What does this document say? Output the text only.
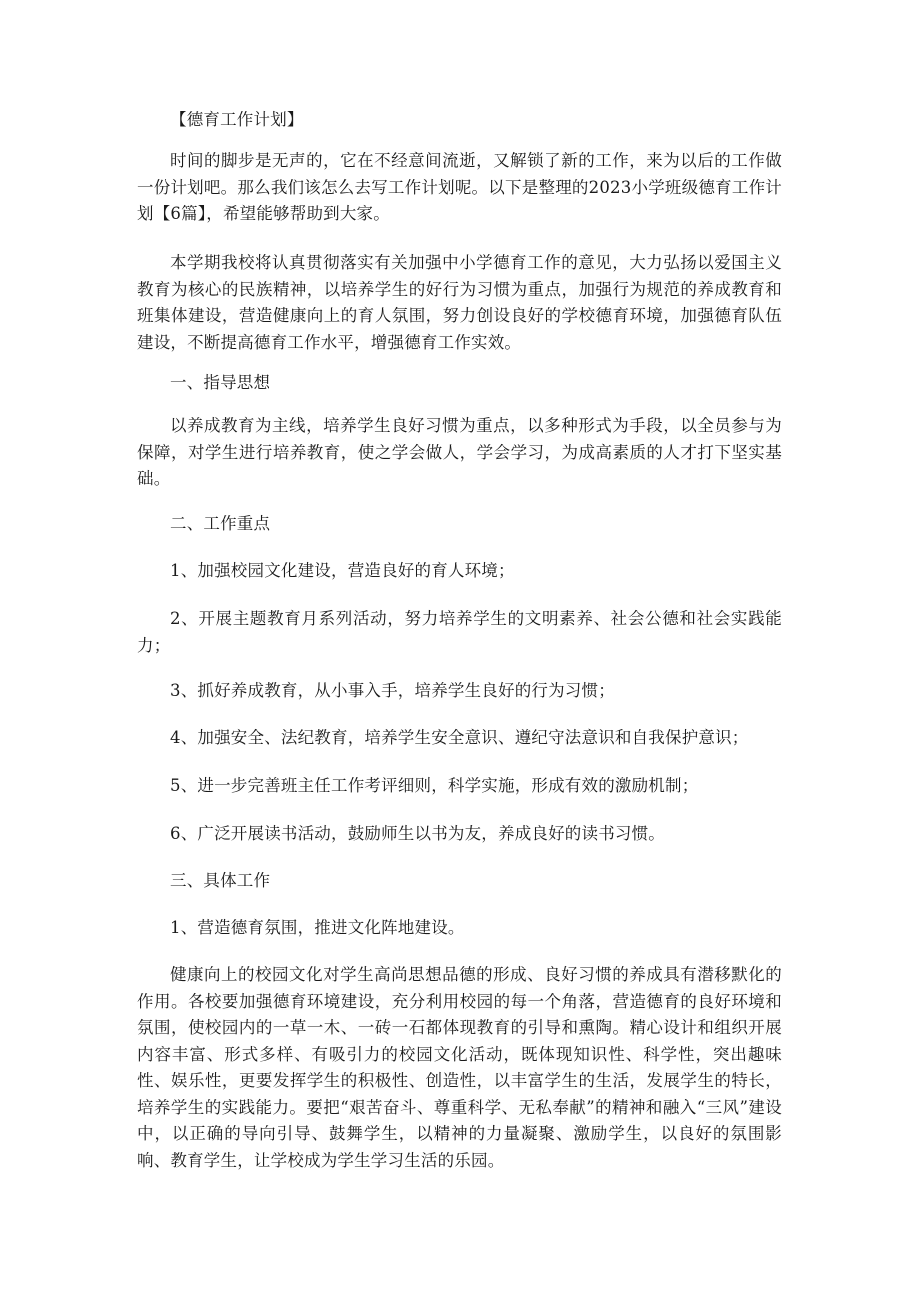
【德育工作计划】

时间的脚步是无声的，它在不经意间流逝，又解锁了新的工作，来为以后的工作做一份计划吧。那么我们该怎么去写工作计划呢。以下是整理的2023小学班级德育工作计划【6篇】，希望能够帮助到大家。

本学期我校将认真贯彻落实有关加强中小学德育工作的意见，大力弘扬以爱国主义教育为核心的民族精神，以培养学生的好行为习惯为重点，加强行为规范的养成教育和班集体建设，营造健康向上的育人氛围，努力创设良好的学校德育环境，加强德育队伍建设，不断提高德育工作水平，增强德育工作实效。

一、指导思想

以养成教育为主线，培养学生良好习惯为重点，以多种形式为手段，以全员参与为保障，对学生进行培养教育，使之学会做人，学会学习，为成高素质的人才打下坚实基础。

二、工作重点

1、加强校园文化建设，营造良好的育人环境；

2、开展主题教育月系列活动，努力培养学生的文明素养、社会公德和社会实践能力；

3、抓好养成教育，从小事入手，培养学生良好的行为习惯；

4、加强安全、法纪教育，培养学生安全意识、遵纪守法意识和自我保护意识；

5、进一步完善班主任工作考评细则，科学实施，形成有效的激励机制；

6、广泛开展读书活动，鼓励师生以书为友，养成良好的读书习惯。

三、具体工作

1、营造德育氛围，推进文化阵地建设。

健康向上的校园文化对学生高尚思想品德的形成、良好习惯的养成具有潜移默化的作用。各校要加强德育环境建设，充分利用校园的每一个角落，营造德育的良好环境和氛围，使校园内的一草一木、一砖一石都体现教育的引导和熏陶。精心设计和组织开展内容丰富、形式多样、有吸引力的校园文化活动，既体现知识性、科学性，突出趣味性、娱乐性，更要发挥学生的积极性、创造性，以丰富学生的生活，发展学生的特长，培养学生的实践能力。要把“艰苦奋斗、尊重科学、无私奉献”的精神和融入“三风”建设中，以正确的导向引导、鼓舞学生，以精神的力量凝聚、激励学生，以良好的氛围影响、教育学生，让学校成为学生学习生活的乐园。
